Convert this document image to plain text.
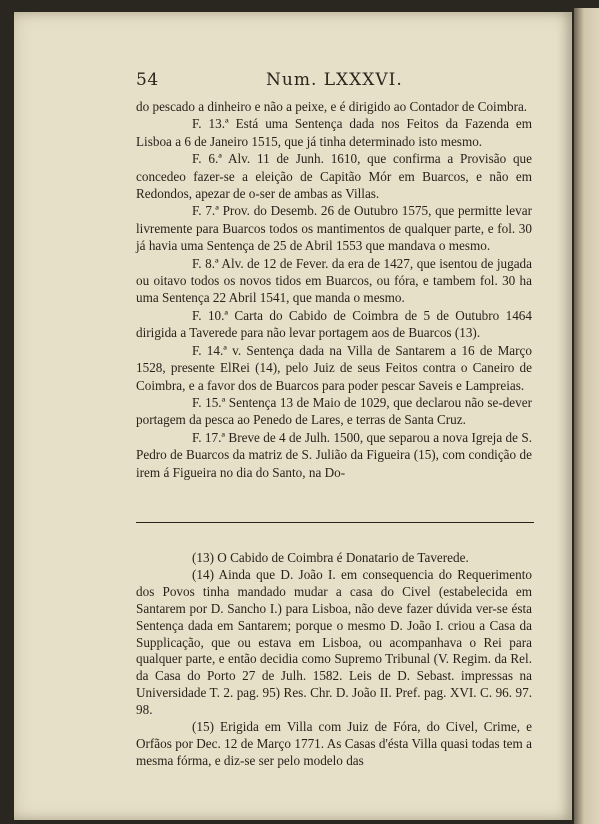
54	Num. LXXXVI.

do pescado a dinheiro e não a peixe, e é dirigido ao Contador de Coimbra.

F. 13.ª Está uma Sentença dada nos Feitos da Fazenda em Lisboa a 6 de Janeiro 1515, que já tinha determinado isto mesmo.

F. 6.ª Alv. 11 de Junh. 1610, que confirma a Provisão que concedeo fazer-se a eleição de Capitão Mór em Buarcos, e não em Redondos, apezar de o-ser de ambas as Villas.

F. 7.ª Prov. do Desemb. 26 de Outubro 1575, que permitte levar livremente para Buarcos todos os mantimentos de qualquer parte, e fol. 30 já havia uma Sentença de 25 de Abril 1553 que mandava o mesmo.

F. 8.ª Alv. de 12 de Fever. da era de 1427, que isentou de jugada ou oitavo todos os novos tidos em Buarcos, ou fóra, e tambem fol. 30 ha uma Sentença 22 Abril 1541, que manda o mesmo.

F. 10.ª Carta do Cabido de Coimbra de 5 de Outubro 1464 dirigida a Taverede para não levar portagem aos de Buarcos (13).

F. 14.ª v. Sentença dada na Villa de Santarem a 16 de Março 1528, presente ElRei (14), pelo Juiz de seus Feitos contra o Caneiro de Coimbra, e a favor dos de Buarcos para poder pescar Saveis e Lampreias.

F. 15.ª Sentença 13 de Maio de 1029, que declarou não se-dever portagem da pesca ao Penedo de Lares, e terras de Santa Cruz.

F. 17.ª Breve de 4 de Julh. 1500, que separou a nova Igreja de S. Pedro de Buarcos da matriz de S. Julião da Figueira (15), com condição de irem á Figueira no dia do Santo, na Do-

(13) O Cabido de Coimbra é Donatario de Taverede.

(14) Ainda que D. João I. em consequencia do Requerimento dos Povos tinha mandado mudar a casa do Civel (estabelecida em Santarem por D. Sancho I.) para Lisboa, não deve fazer dúvida ver-se ésta Sentença dada em Santarem; porque o mesmo D. João I. criou a Casa da Supplicação, que ou estava em Lisboa, ou acompanhava o Rei para qualquer parte, e então decidia como Supremo Tribunal (V. Regim. da Rel. da Casa do Porto 27 de Julh. 1582. Leis de D. Sebast. impressas na Universidade T. 2. pag. 95) Res. Chr. D. João II. Pref. pag. XVI. C. 96. 97. 98.

(15) Erigida em Villa com Juiz de Fóra, do Civel, Crime, e Orfãos por Dec. 12 de Março 1771. As Casas d'ésta Villa quasi todas tem a mesma fórma, e diz-se ser pelo modelo das
